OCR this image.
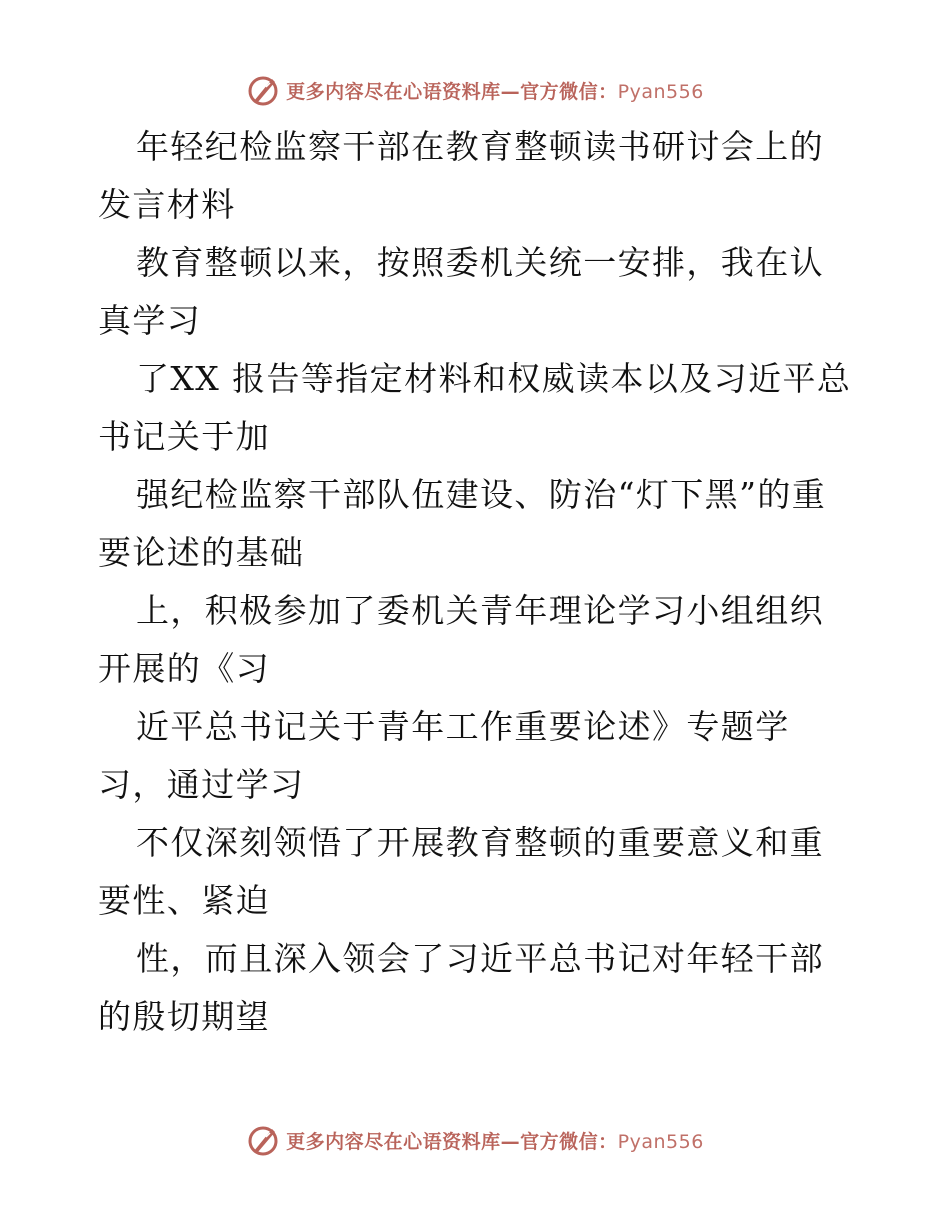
更多内容尽在心语资料库—官方微信：Pyan556

年轻纪检监察干部在教育整顿读书研讨会上的发言材料

教育整顿以来，按照委机关统一安排，我在认真学习

了XX 报告等指定材料和权威读本以及习近平总书记关于加

强纪检监察干部队伍建设、防治“灯下黑”的重要论述的基础

上，积极参加了委机关青年理论学习小组组织开展的《习

近平总书记关于青年工作重要论述》专题学习，通过学习

不仅深刻领悟了开展教育整顿的重要意义和重要性、紧迫

性，而且深入领会了习近平总书记对年轻干部的殷切期望

更多内容尽在心语资料库—官方微信：Pyan556
